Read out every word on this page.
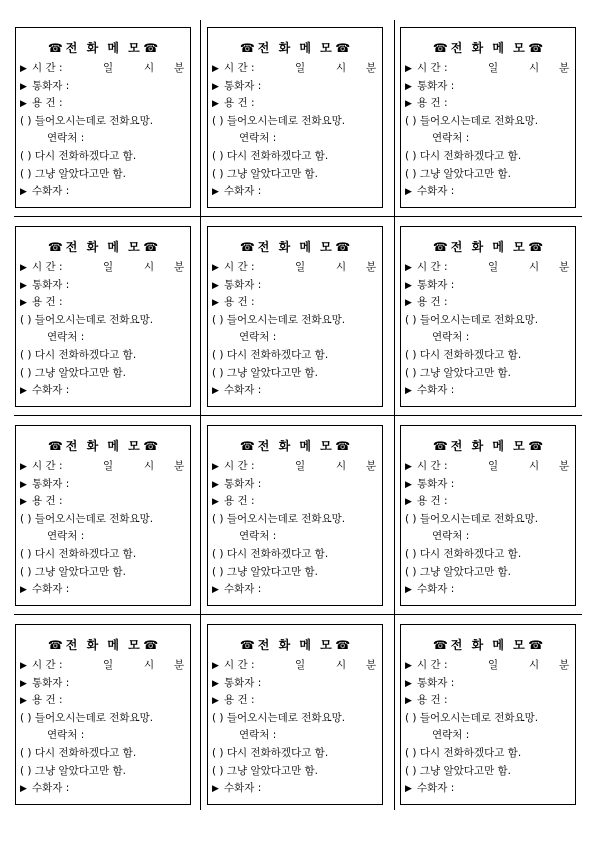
☎ 전 화 메 모☎
▶ 시 간 :	일	시 분
▶ 통화자 :
▶ 용 건 :
( ) 들어오시는데로 전화요망.
연락처 :
( ) 다시 전화하겠다고 함.
( ) 그냥 알았다고만 함.
▶ 수화자 :
☎ 전 화 메 모☎
▶ 시 간 :	일	시 분
▶ 통화자 :
▶ 용 건 :
( ) 들어오시는데로 전화요망.
연락처 :
( ) 다시 전화하겠다고 함.
( ) 그냥 알았다고만 함.
▶ 수화자 :
☎ 전 화 메 모☎
▶ 시 간 :	일	시 분
▶ 통화자 :
▶ 용 건 :
( ) 들어오시는데로 전화요망.
연락처 :
( ) 다시 전화하겠다고 함.
( ) 그냥 알았다고만 함.
▶ 수화자 :
☎ 전 화 메 모☎
▶ 시 간 :	일	시 분
▶ 통화자 :
▶ 용 건 :
( ) 들어오시는데로 전화요망.
연락처 :
( ) 다시 전화하겠다고 함.
( ) 그냥 알았다고만 함.
▶ 수화자 :
☎ 전 화 메 모☎
▶ 시 간 :	일	시 분
▶ 통화자 :
▶ 용 건 :
( ) 들어오시는데로 전화요망.
연락처 :
( ) 다시 전화하겠다고 함.
( ) 그냥 알았다고만 함.
▶ 수화자 :
☎ 전 화 메 모☎
▶ 시 간 :	일	시 분
▶ 통화자 :
▶ 용 건 :
( ) 들어오시는데로 전화요망.
연락처 :
( ) 다시 전화하겠다고 함.
( ) 그냥 알았다고만 함.
▶ 수화자 :
☎ 전 화 메 모☎
▶ 시 간 :	일	시 분
▶ 통화자 :
▶ 용 건 :
( ) 들어오시는데로 전화요망.
연락처 :
( ) 다시 전화하겠다고 함.
( ) 그냥 알았다고만 함.
▶ 수화자 :
☎ 전 화 메 모☎
▶ 시 간 :	일	시 분
▶ 통화자 :
▶ 용 건 :
( ) 들어오시는데로 전화요망.
연락처 :
( ) 다시 전화하겠다고 함.
( ) 그냥 알았다고만 함.
▶ 수화자 :
☎ 전 화 메 모☎
▶ 시 간 :	일	시 분
▶ 통화자 :
▶ 용 건 :
( ) 들어오시는데로 전화요망.
연락처 :
( ) 다시 전화하겠다고 함.
( ) 그냥 알았다고만 함.
▶ 수화자 :
☎ 전 화 메 모☎
▶ 시 간 :	일	시 분
▶ 통화자 :
▶ 용 건 :
( ) 들어오시는데로 전화요망.
연락처 :
( ) 다시 전화하겠다고 함.
( ) 그냥 알았다고만 함.
▶ 수화자 :
☎ 전 화 메 모☎
▶ 시 간 :	일	시 분
▶ 통화자 :
▶ 용 건 :
( ) 들어오시는데로 전화요망.
연락처 :
( ) 다시 전화하겠다고 함.
( ) 그냥 알았다고만 함.
▶ 수화자 :
☎ 전 화 메 모☎
▶ 시 간 :	일	시 분
▶ 통화자 :
▶ 용 건 :
( ) 들어오시는데로 전화요망.
연락처 :
( ) 다시 전화하겠다고 함.
( ) 그냥 알았다고만 함.
▶ 수화자 :
